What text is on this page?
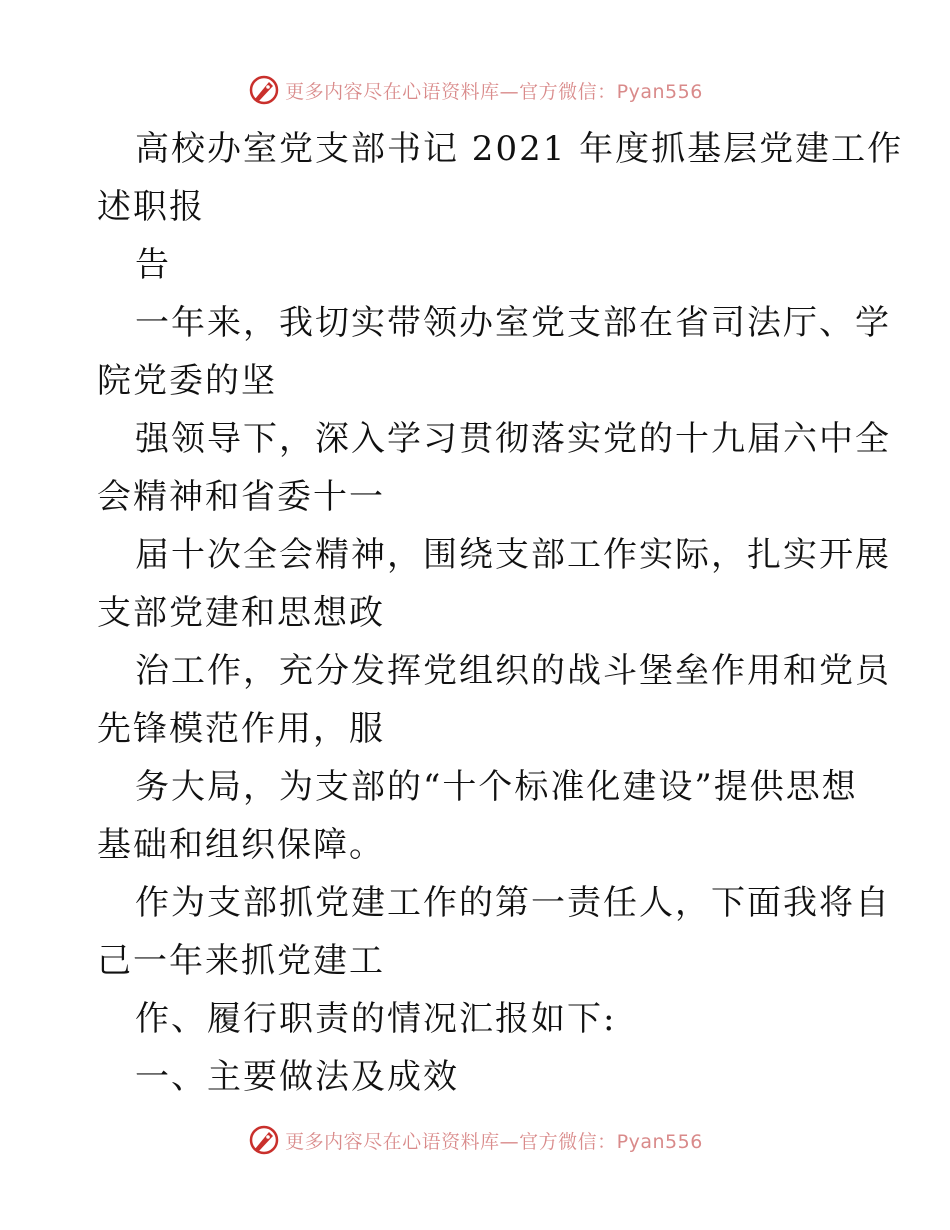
更多内容尽在心语资料库—官方微信：Pyan556
高校办室党支部书记 2021 年度抓基层党建工作
述职报
告
一年来，我切实带领办室党支部在省司法厅、学
院党委的坚
强领导下，深入学习贯彻落实党的十九届六中全
会精神和省委十一
届十次全会精神，围绕支部工作实际，扎实开展
支部党建和思想政
治工作，充分发挥党组织的战斗堡垒作用和党员
先锋模范作用，服
务大局，为支部的“十个标准化建设”提供思想
基础和组织保障。
作为支部抓党建工作的第一责任人，下面我将自
己一年来抓党建工
作、履行职责的情况汇报如下:
一、主要做法及成效
更多内容尽在心语资料库—官方微信：Pyan556
